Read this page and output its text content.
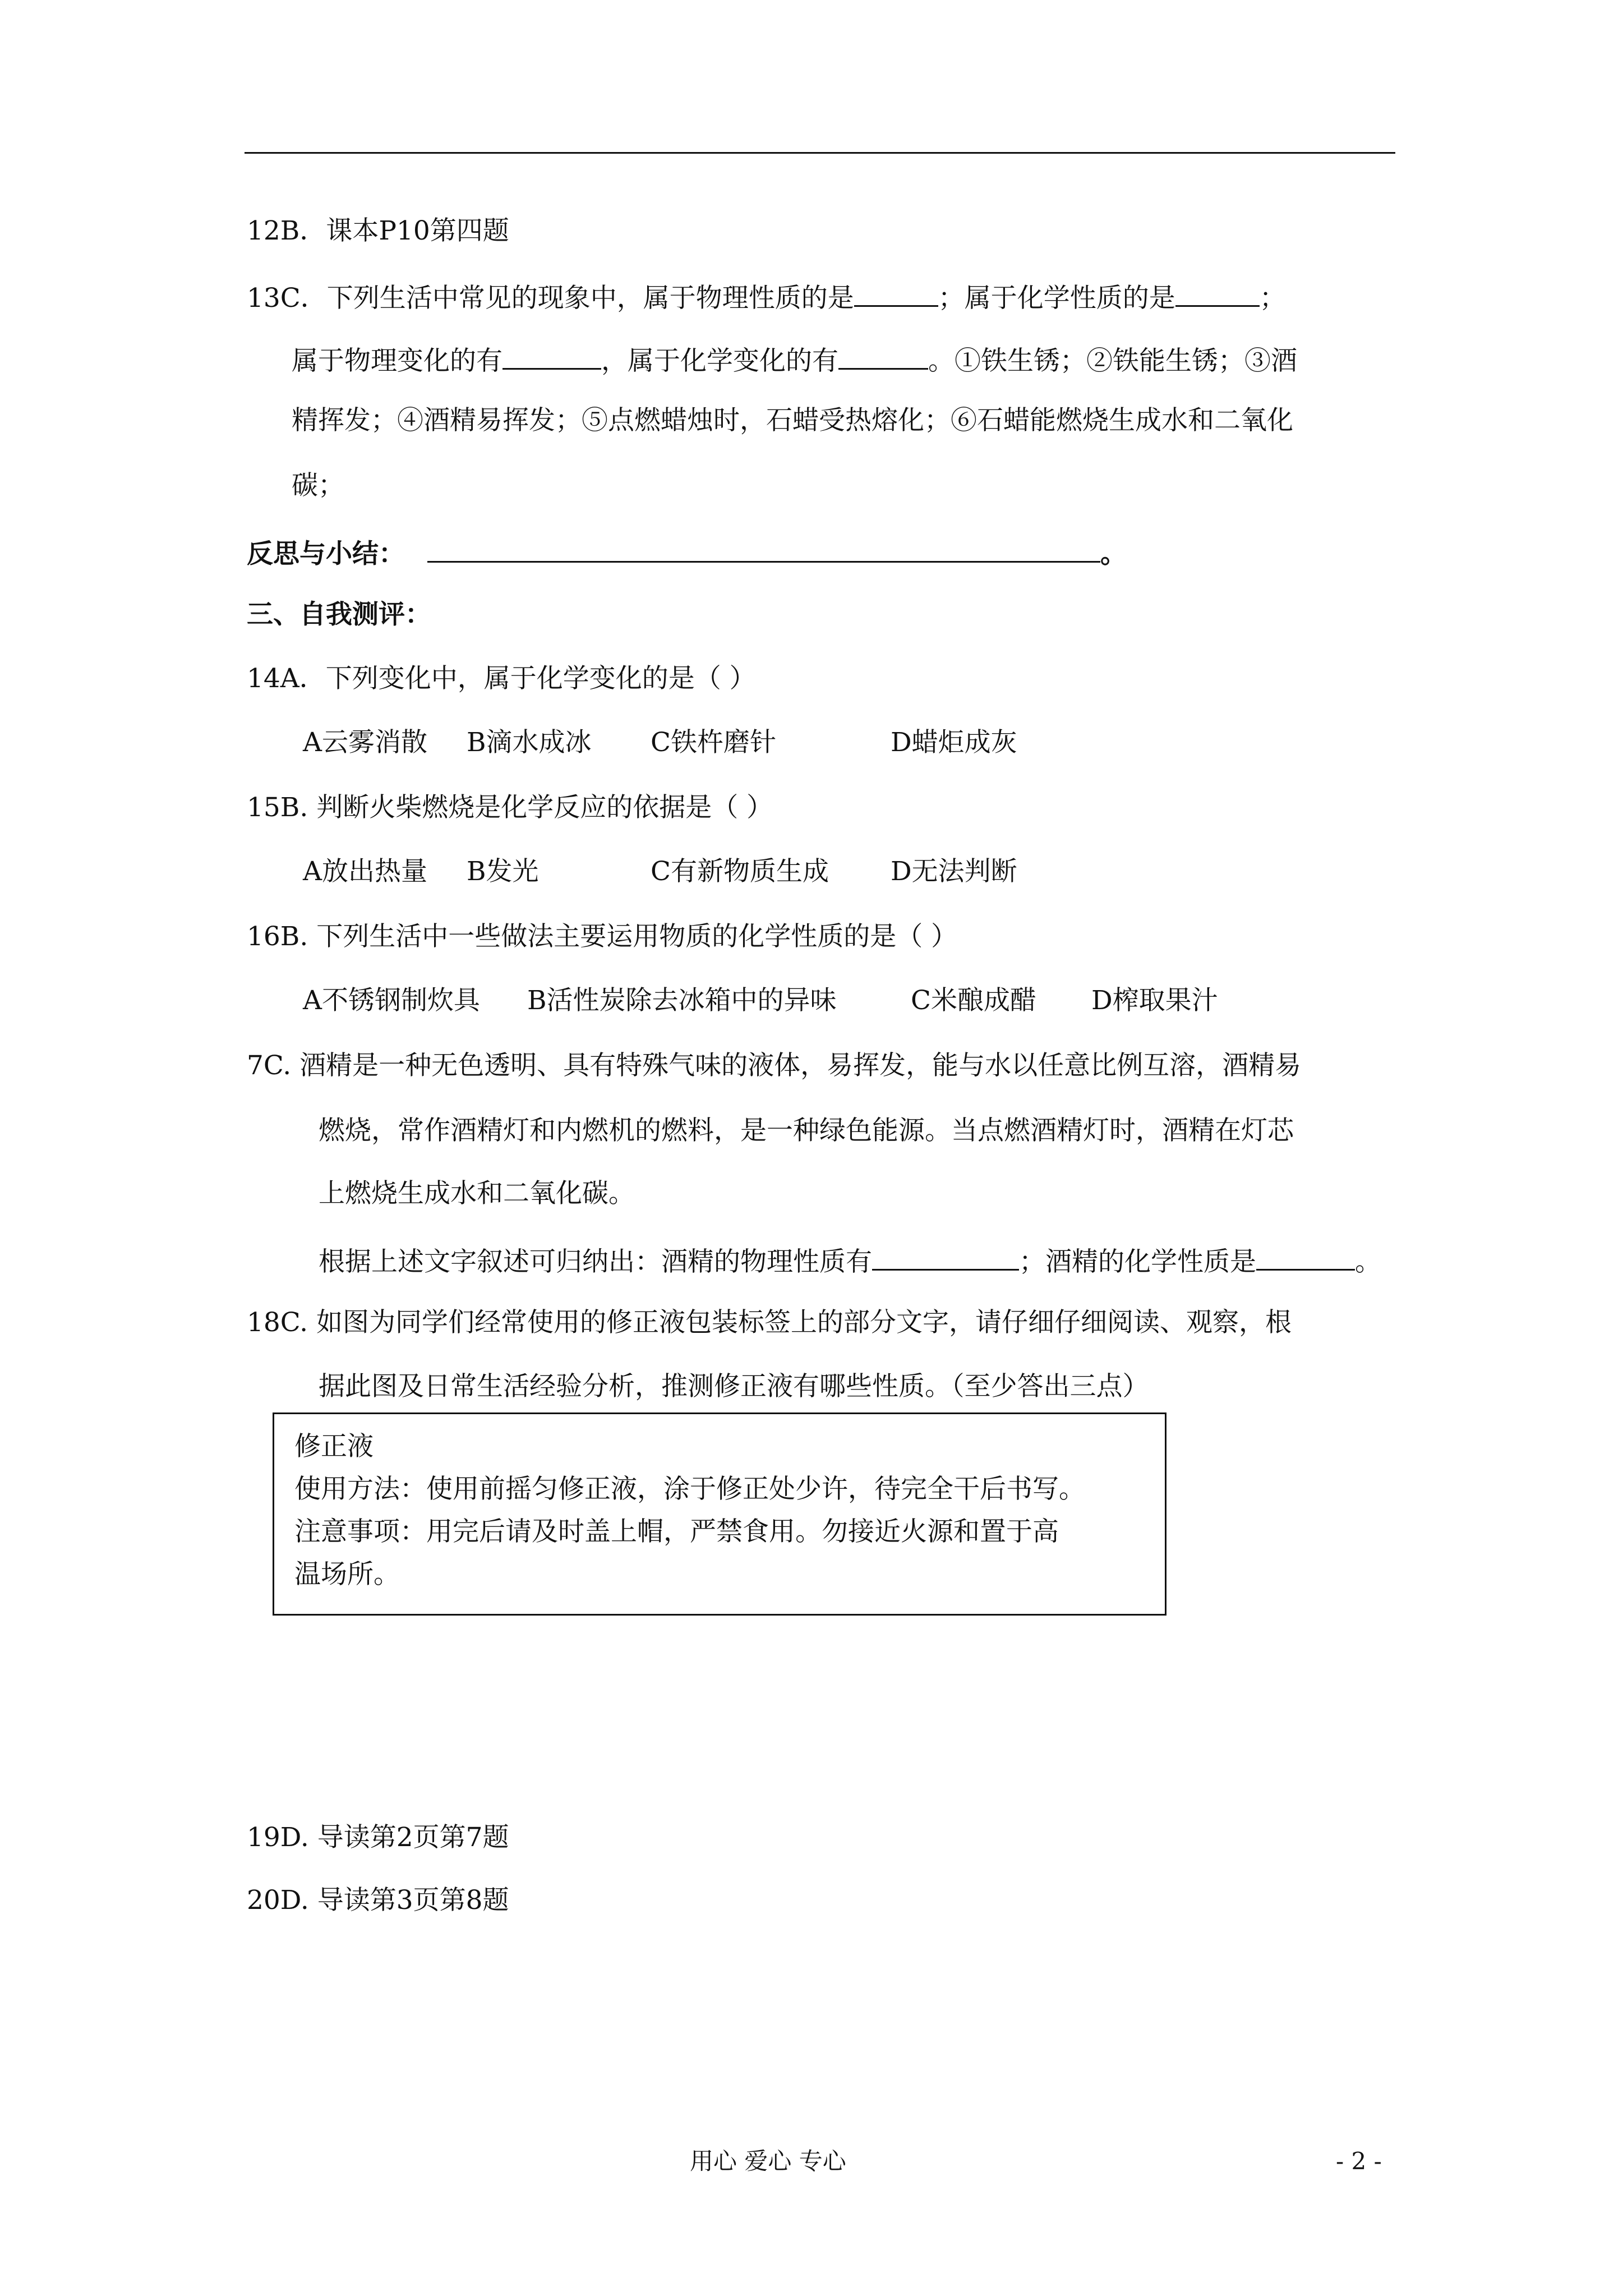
12B．课本P10第四题
13C．下列生活中常见的现象中，属于物理性质的是	；属于化学性质的是	；
属于物理变化的有	，属于化学变化的有	。①铁生锈；②铁能生锈；③酒
精挥发；④酒精易挥发；⑤点燃蜡烛时，石蜡受热熔化；⑥石蜡能燃烧生成水和二氧化
碳；
反思与小结：	。
三、自我测评：
14A．下列变化中，属于化学变化的是（ ）
A云雾消散 B滴水成冰 C铁杵磨针	D蜡炬成灰
15B. 判断火柴燃烧是化学反应的依据是（ ）
A放出热量 B发光	C有新物质生成 D无法判断
16B. 下列生活中一些做法主要运用物质的化学性质的是（ ）
A不锈钢制炊具 B活性炭除去冰箱中的异味	C米酿成醋 D榨取果汁
7C. 酒精是一种无色透明、具有特殊气味的液体，易挥发，能与水以任意比例互溶，酒精易
燃烧，常作酒精灯和内燃机的燃料，是一种绿色能源。当点燃酒精灯时，酒精在灯芯
上燃烧生成水和二氧化碳。
根据上述文字叙述可归纳出：酒精的物理性质有	；酒精的化学性质是	。
18C. 如图为同学们经常使用的修正液包装标签上的部分文字，请仔细仔细阅读、观察，根
据此图及日常生活经验分析，推测修正液有哪些性质。（至少答出三点）
修正液
使用方法：使用前摇匀修正液，涂于修正处少许，待完全干后书写。
注意事项：用完后请及时盖上帽，严禁食用。勿接近火源和置于高
温场所。
19D. 导读第2页第7题
20D. 导读第3页第8题
用心 爱心 专心	- 2 -
